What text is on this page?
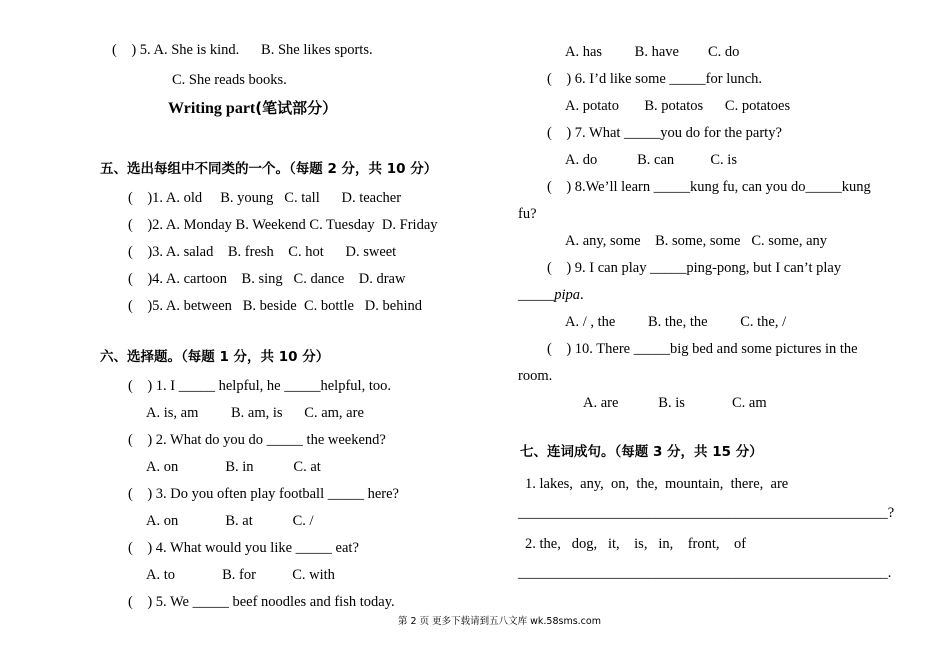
(    ) 5. A. She is kind.      B. She likes sports.
C. She reads books.
Writing part(笔试部分）
五、选出每组中不同类的一个。（每题 2 分，共 10 分）
(    )1. A. old     B. young   C. tall      D. teacher
(    )2. A. Monday B. Weekend C. Tuesday  D. Friday
(    )3. A. salad    B. fresh    C. hot      D. sweet
(    )4. A. cartoon    B. sing   C. dance    D. draw
(    )5. A. between   B. beside  C. bottle   D. behind
六、选择题。（每题 1 分，共 10 分）
(    ) 1. I _____ helpful, he _____helpful, too.
A. is, am         B. am, is      C. am, are
(    ) 2. What do you do _____ the weekend?
A. on             B. in           C. at
(    ) 3. Do you often play football _____ here?
A. on             B. at           C. /
(    ) 4. What would you like _____ eat?
A. to             B. for          C. with
(    ) 5. We _____ beef noodles and fish today.
A. has         B. have        C. do
(    ) 6. I’d like some _____for lunch.
A. potato       B. potatos      C. potatoes
(    ) 7. What _____you do for the party?
A. do           B. can          C. is
(    ) 8.We’ll learn _____kung fu, can you do_____kung
fu?
A. any, some    B. some, some   C. some, any
(    ) 9. I can play _____ping-pong, but I can’t play
_____pipa.
A. / , the         B. the, the         C. the, /
(    ) 10. There _____big bed and some pictures in the
room.
A. are           B. is             C. am
七、连词成句。（每题 3 分，共 15 分）
1. lakes,  any,  on,  the,  mountain,  there,  are
___________________________________________________?
2. the,   dog,   it,    is,   in,    front,    of
___________________________________________________.
第 2 页 更多下载请到五八文库 wk.58sms.com
